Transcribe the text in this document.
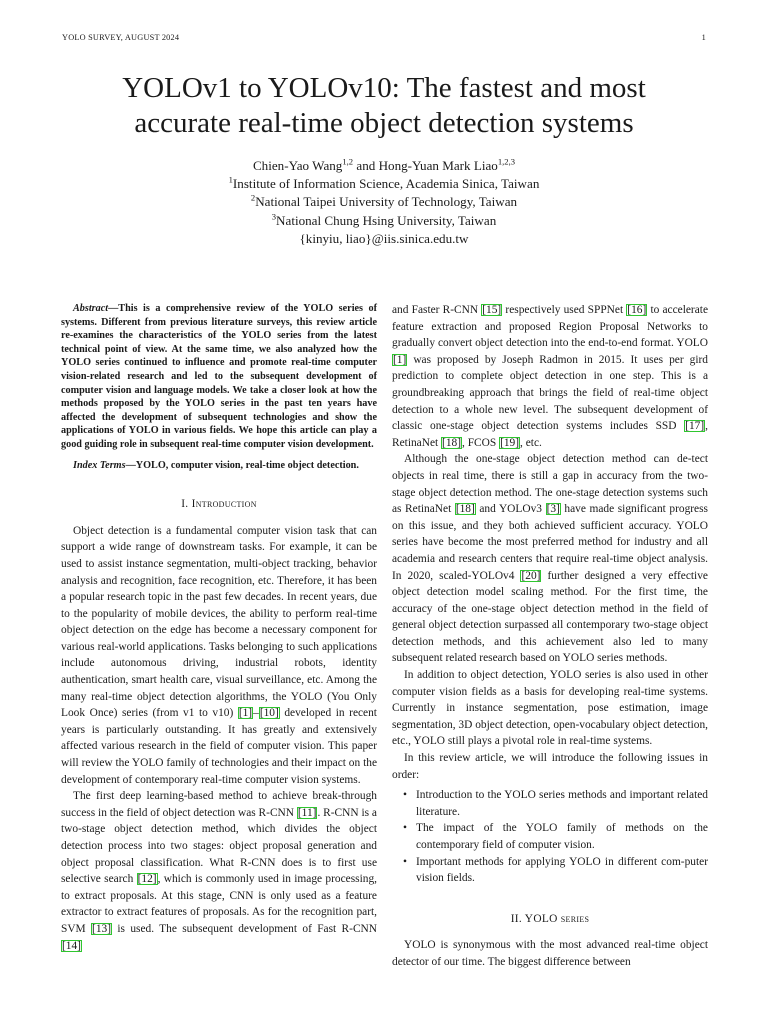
YOLO SURVEY, AUGUST 2024	1
YOLOv1 to YOLOv10: The fastest and most
accurate real-time object detection systems
Chien-Yao Wang$^{1,2}$ and Hong-Yuan Mark Liao$^{1,2,3}$
$^1$Institute of Information Science, Academia Sinica, Taiwan
$^2$National Taipei University of Technology, Taiwan
$^3$National Chung Hsing University, Taiwan
{kinyiu, liao}@iis.sinica.edu.tw

Abstract—This is a comprehensive review of the YOLO series of systems. Different from previous literature surveys, this review article re-examines the characteristics of the YOLO series from the latest technical point of view. At the same time, we also analyzed how the YOLO series continued to influence and promote real-time computer vision-related research and led to the subsequent development of computer vision and language models. We take a closer look at how the methods proposed by the YOLO series in the past ten years have affected the development of subsequent technologies and show the applications of YOLO in various fields. We hope this article can play a good guiding role in subsequent real-time computer vision development.

Index Terms—YOLO, computer vision, real-time object detection.

I. Introduction

Object detection is a fundamental computer vision task that can support a wide range of downstream tasks. For example, it can be used to assist instance segmentation, multi-object tracking, behavior analysis and recognition, face recognition, etc. Therefore, it has been a popular research topic in the past few decades. In recent years, due to the popularity of mobile devices, the ability to perform real-time object detection on the edge has become a necessary component for various real-world applications. Tasks belonging to such applications include autonomous driving, industrial robots, identity authentication, smart health care, visual surveillance, etc. Among the many real-time object detection algorithms, the YOLO (You Only Look Once) series (from v1 to v10) [1]–[10] developed in recent years is particularly outstanding. It has greatly and extensively affected various research in the field of computer vision. This paper will review the YOLO family of technologies and their impact on the development of contemporary real-time computer vision systems.

The first deep learning-based method to achieve break-through success in the field of object detection was R-CNN [11]. R-CNN is a two-stage object detection method, which divides the object detection process into two stages: object proposal generation and object proposal classification. What R-CNN does is to first use selective search [12], which is commonly used in image processing, to extract proposals. At this stage, CNN is only used as a feature extractor to extract features of proposals. As for the recognition part, SVM [13] is used. The subsequent development of Fast R-CNN [14]

and Faster R-CNN [15] respectively used SPPNet [16] to accelerate feature extraction and proposed Region Proposal Networks to gradually convert object detection into the end-to-end format. YOLO [1] was proposed by Joseph Radmon in 2015. It uses per gird prediction to complete object detection in one step. This is a groundbreaking approach that brings the field of real-time object detection to a whole new level. The subsequent development of classic one-stage object detection systems includes SSD [17], RetinaNet [18], FCOS [19], etc.

Although the one-stage object detection method can de-tect objects in real time, there is still a gap in accuracy from the two-stage object detection method. The one-stage detection systems such as RetinaNet [18] and YOLOv3 [3] have made significant progress on this issue, and they both achieved sufficient accuracy. YOLO series have become the most preferred method for industry and all academia and research centers that require real-time object analysis. In 2020, scaled-YOLOv4 [20] further designed a very effective object detection model scaling method. For the first time, the accuracy of the one-stage object detection method in the field of general object detection surpassed all contemporary two-stage object detection methods, and this achievement also led to many subsequent related research based on YOLO series methods.

In addition to object detection, YOLO series is also used in other computer vision fields as a basis for developing real-time systems. Currently in instance segmentation, pose estimation, image segmentation, 3D object detection, open-vocabulary object detection, etc., YOLO still plays a pivotal role in real-time systems.

In this review article, we will introduce the following issues in order:

• Introduction to the YOLO series methods and important related literature.
• The impact of the YOLO family of methods on the contemporary field of computer vision.
• Important methods for applying YOLO in different com-puter vision fields.

II. YOLO series

YOLO is synonymous with the most advanced real-time object detector of our time. The biggest difference between
